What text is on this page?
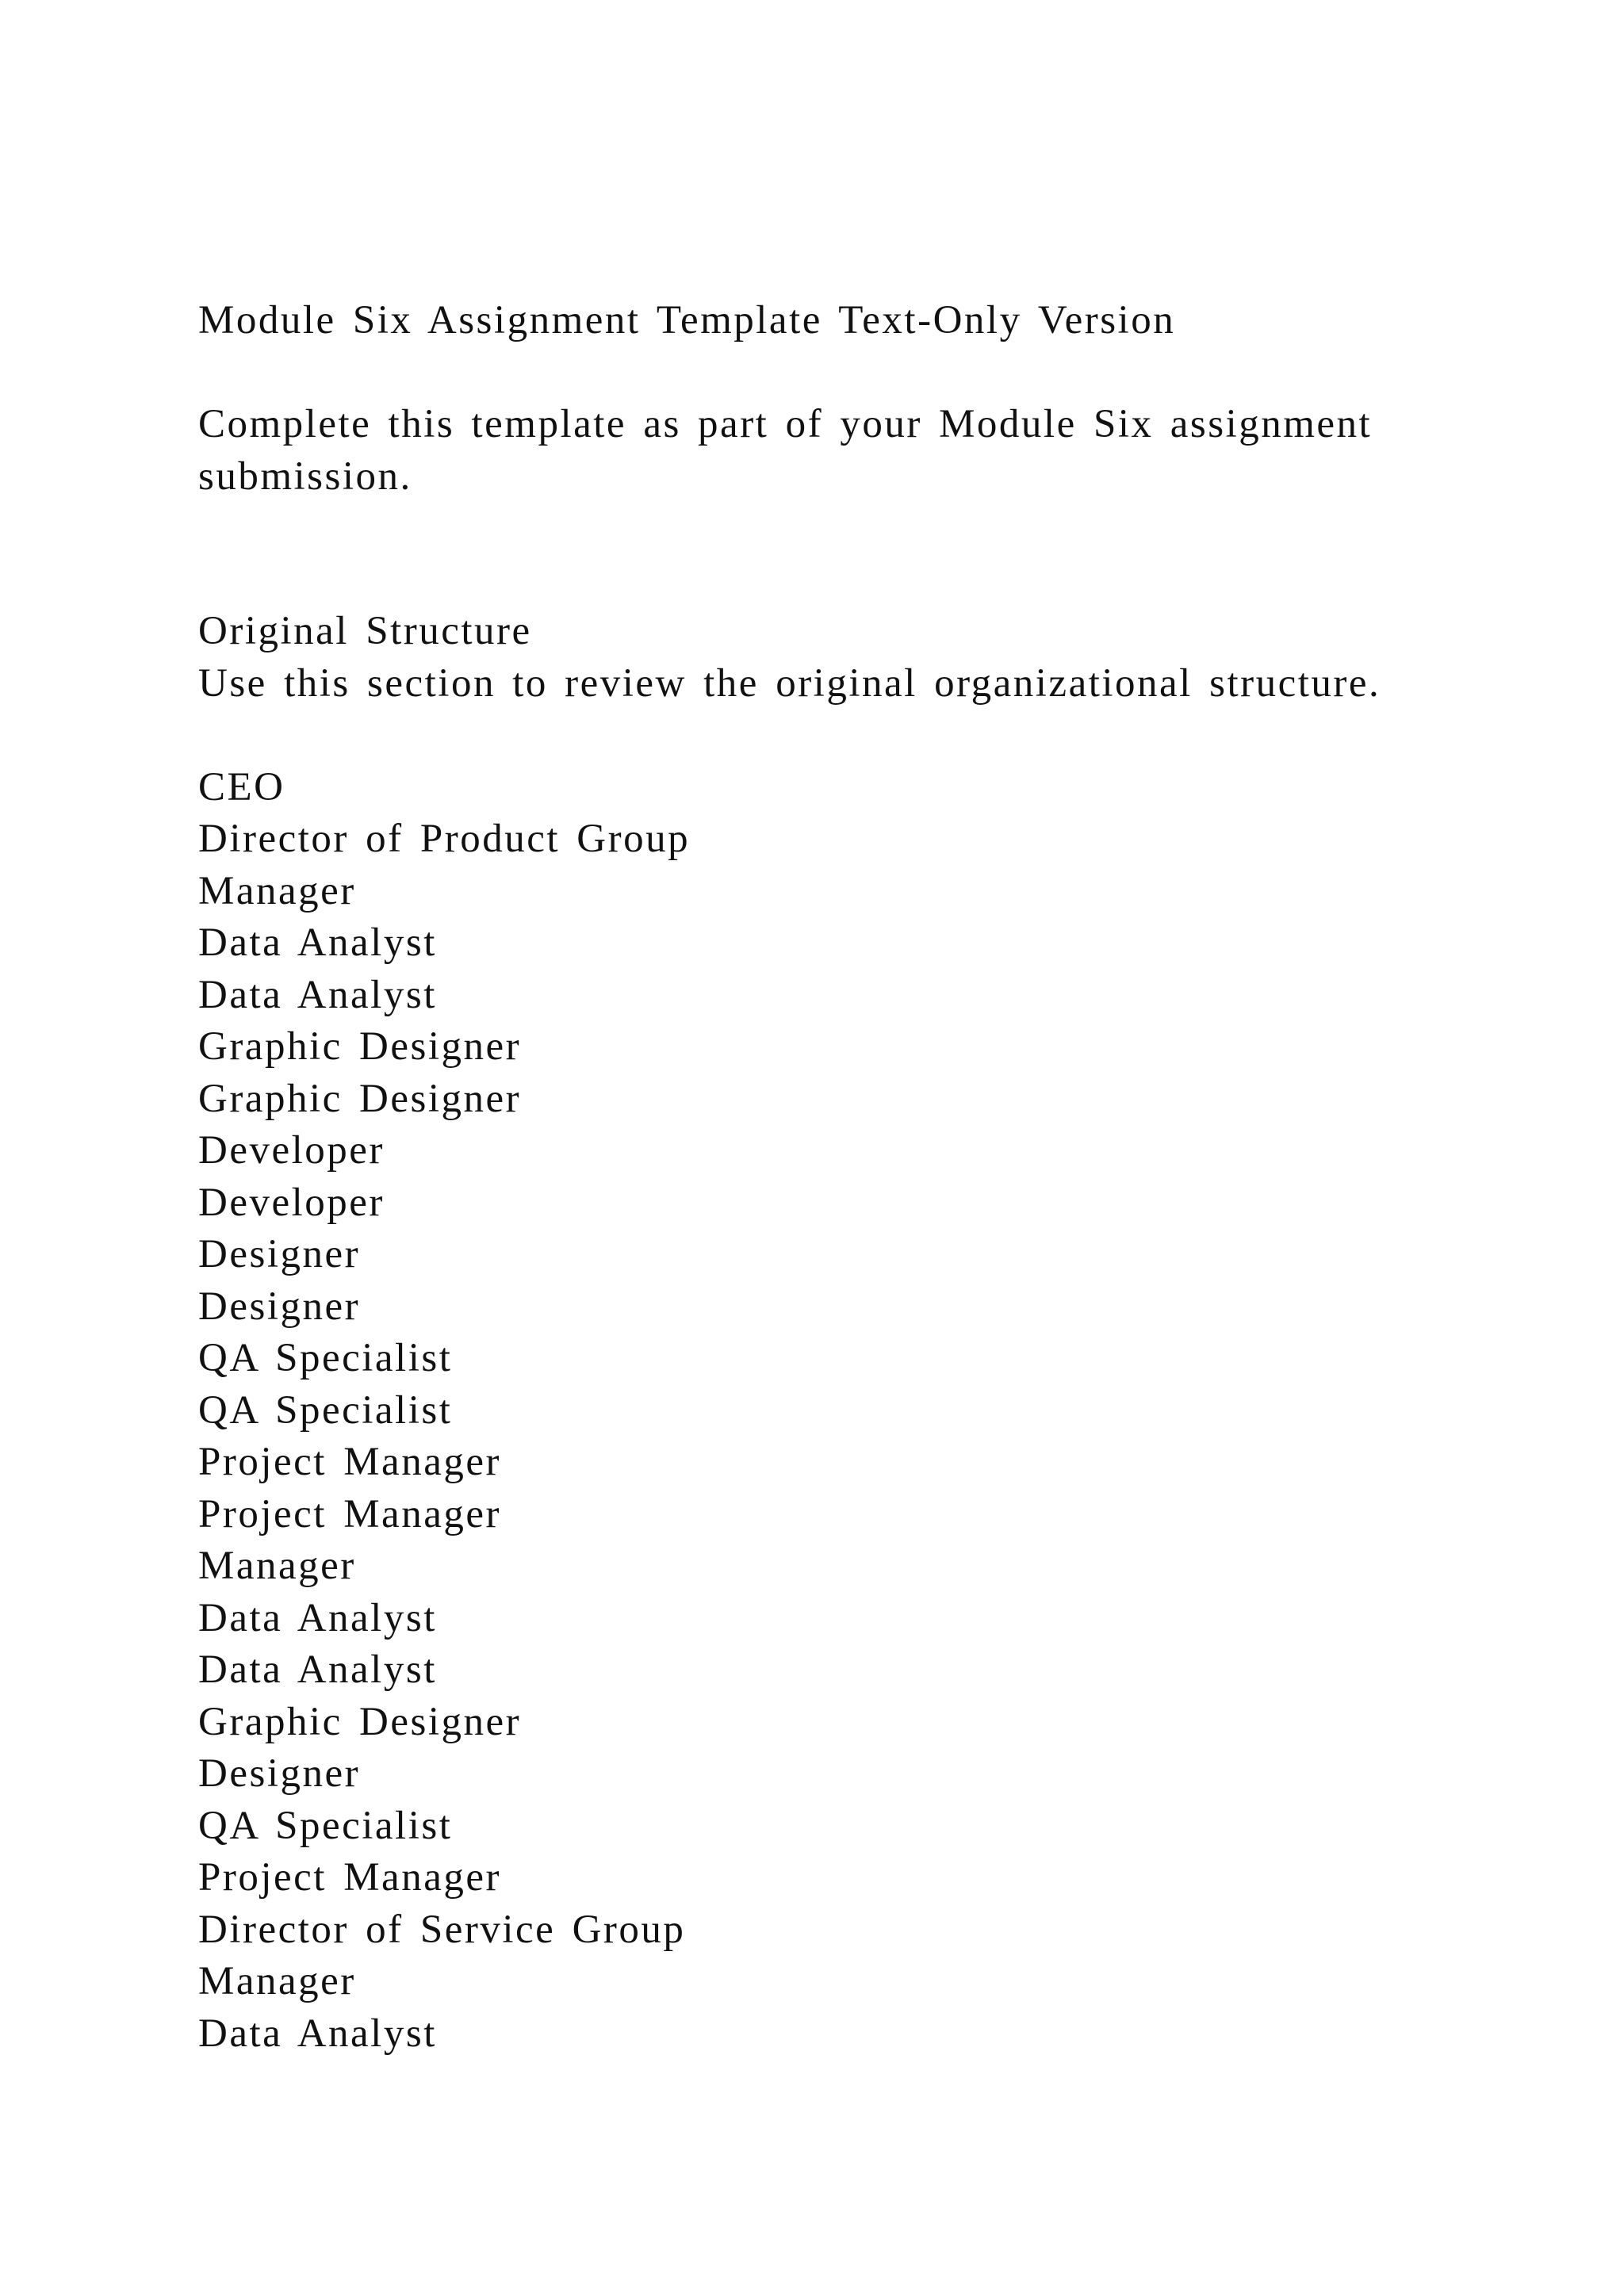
Module Six Assignment Template Text-Only Version
Complete this template as part of your Module Six assignment
submission.
Original Structure
Use this section to review the original organizational structure.
CEO
Director of Product Group
Manager
Data Analyst
Data Analyst
Graphic Designer
Graphic Designer
Developer
Developer
Designer
Designer
QA Specialist
QA Specialist
Project Manager
Project Manager
Manager
Data Analyst
Data Analyst
Graphic Designer
Designer
QA Specialist
Project Manager
Director of Service Group
Manager
Data Analyst
